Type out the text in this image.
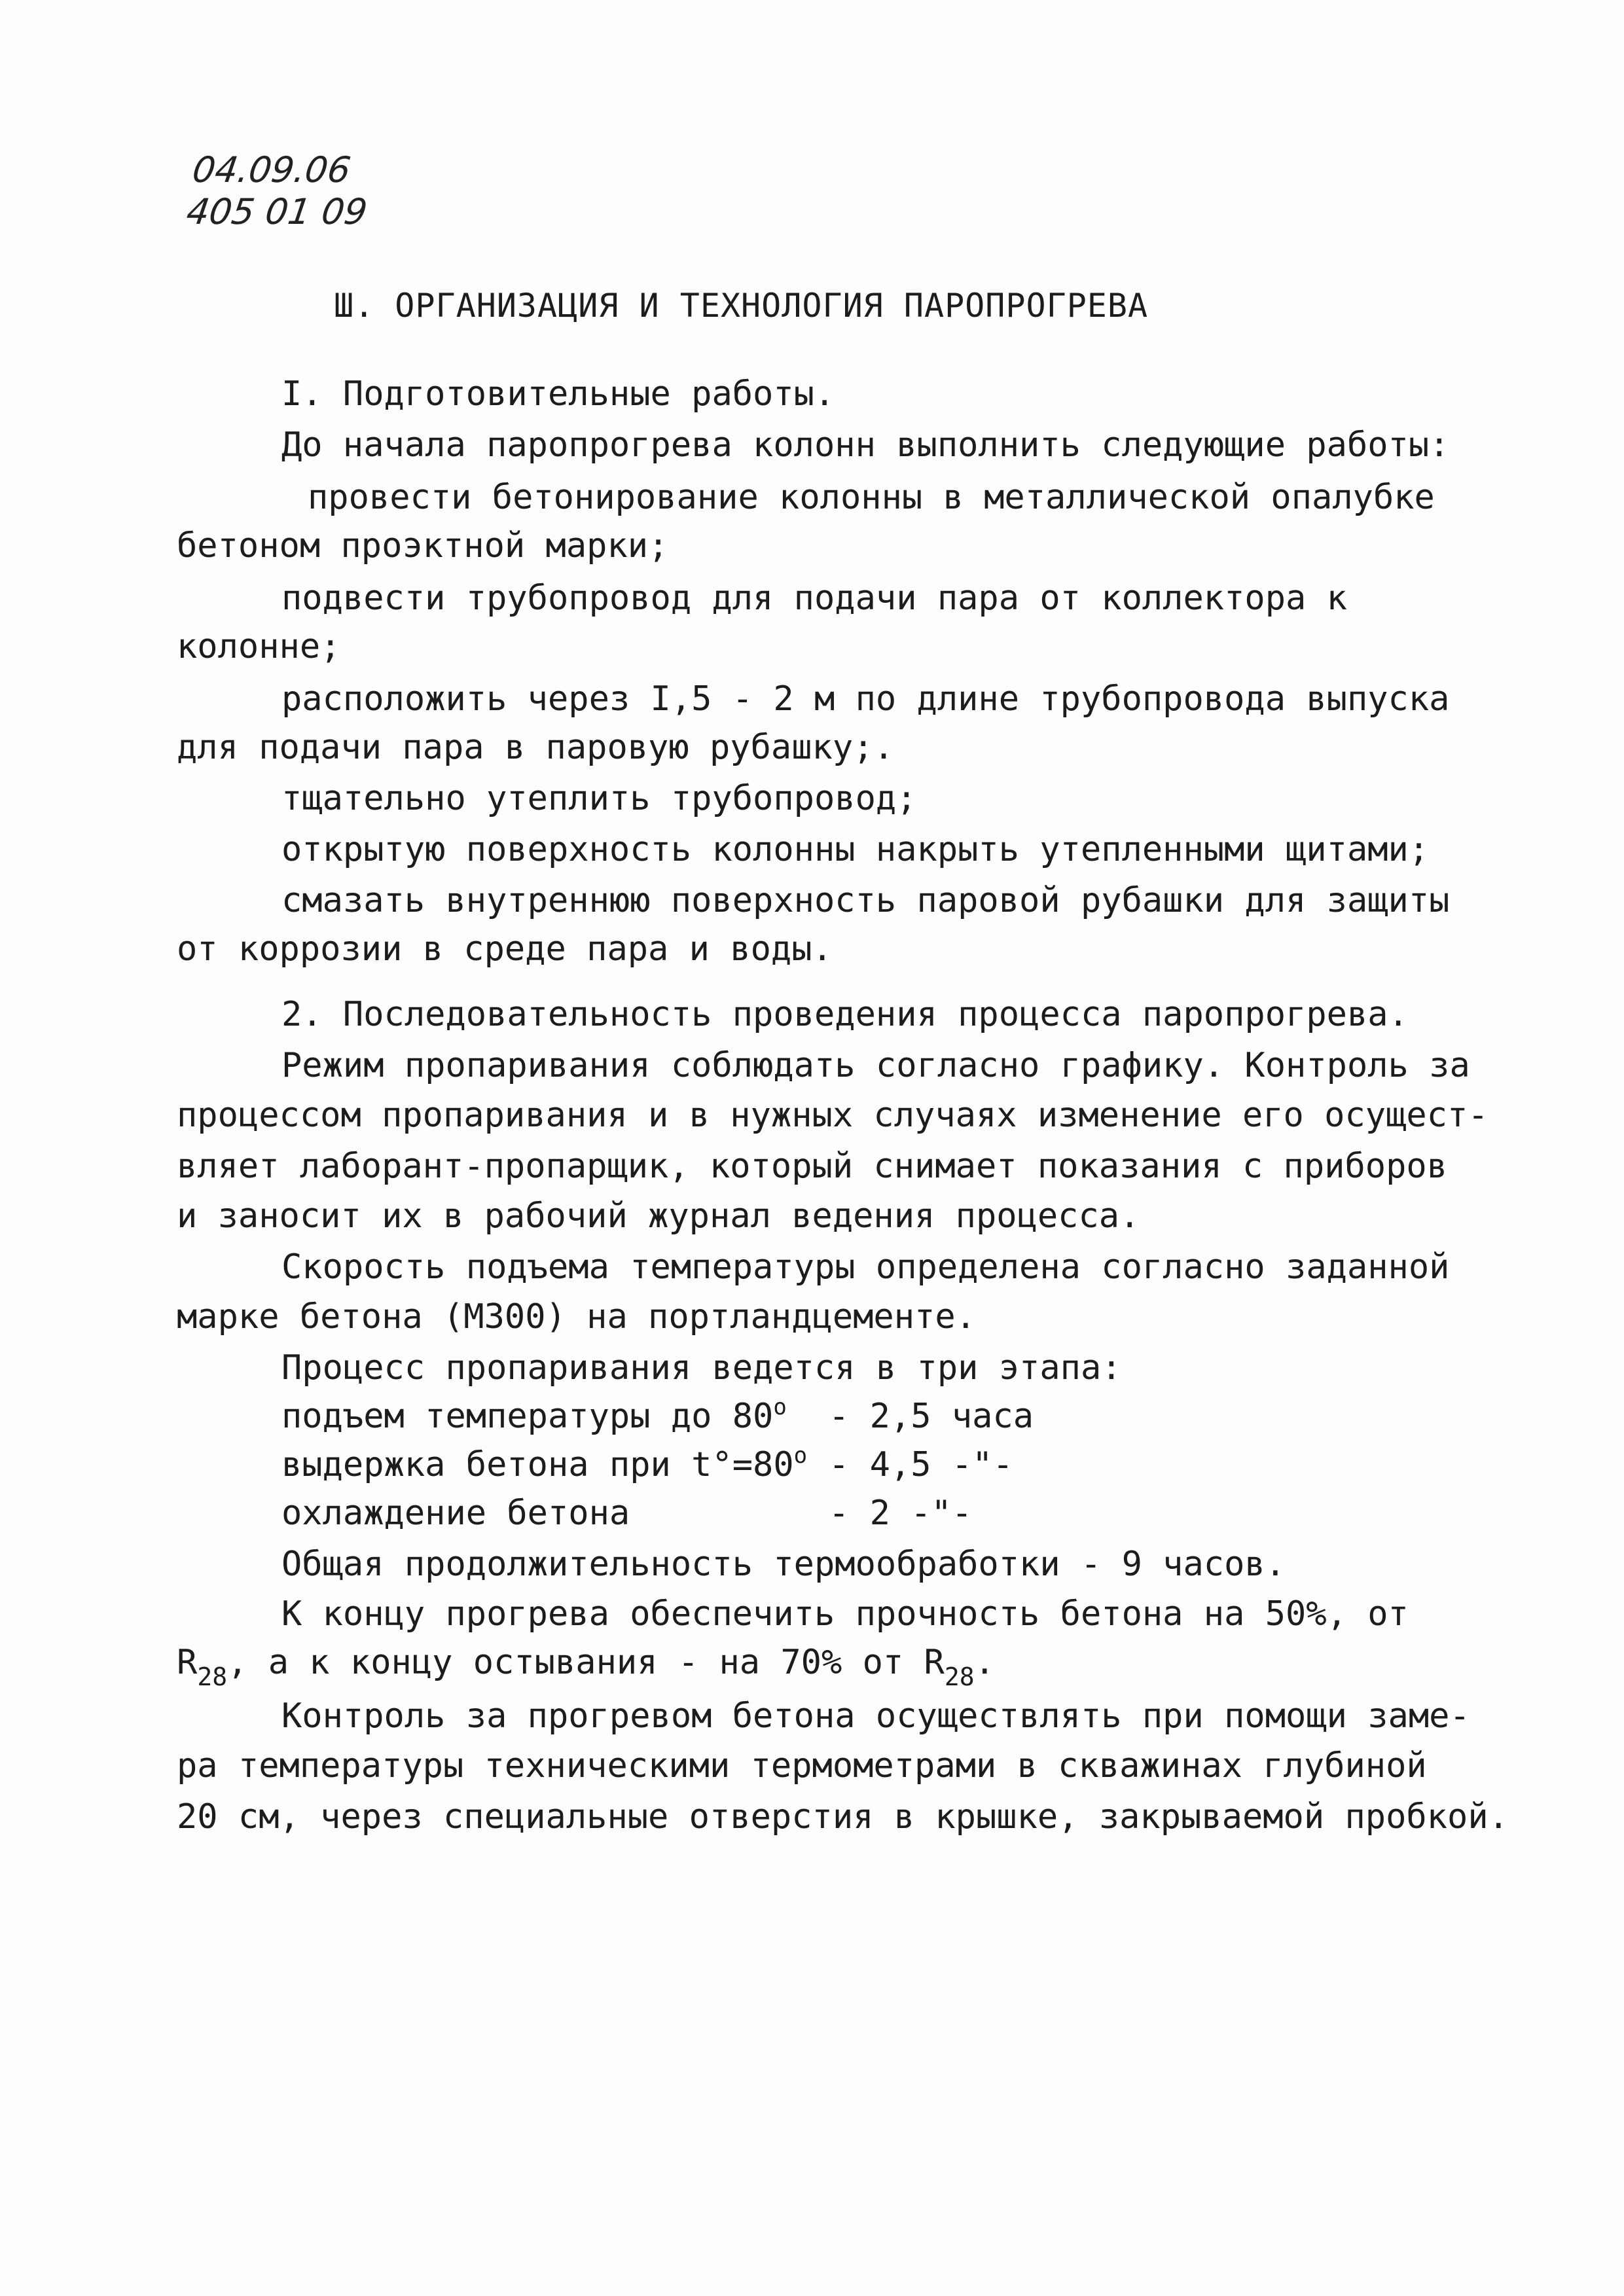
04.09.06
405 01 09
Ш. ОРГАНИЗАЦИЯ И ТЕХНОЛОГИЯ ПАРОПРОГРЕВА
I. Подготовительные работы.
До начала паропрогрева колонн выполнить следующие работы:
провести бетонирование колонны в металлической опалубке
бетоном проэктной марки;
подвести трубопровод для подачи пара от коллектора к
колонне;
расположить через I,5 - 2 м по длине трубопровода выпуска
для подачи пара в паровую рубашку;.
тщательно утеплить трубопровод;
открытую поверхность колонны накрыть утепленными щитами;
смазать внутреннюю поверхность паровой рубашки для защиты
от коррозии в среде пара и воды.
2. Последовательность проведения процесса паропрогрева.
Режим пропаривания соблюдать согласно графику. Контроль за
процессом пропаривания и в нужных случаях изменение его осущест-
вляет лаборант-пропарщик, который снимает показания с приборов
и заносит их в рабочий журнал ведения процесса.
Скорость подъема температуры определена согласно заданной
марке бетона (М300) на портландцементе.
Процесс пропаривания ведется в три этапа:
подъем температуры до $80^о - 2,5$ часа
выдержка бетона при $t^\circ=80^о - 4,5$ -"-
охлаждение бетона	- 2 -"-
Общая продолжительность термообработки - 9 часов.
К концу прогрева обеспечить прочность бетона на 50%, от
$R_{28}$, а к концу остывания - на 70% от $R_{28}$.
Контроль за прогревом бетона осуществлять при помощи заме-
ра температуры техническими термометрами в скважинах глубиной
20 см, через специальные отверстия в крышке, закрываемой пробкой.
